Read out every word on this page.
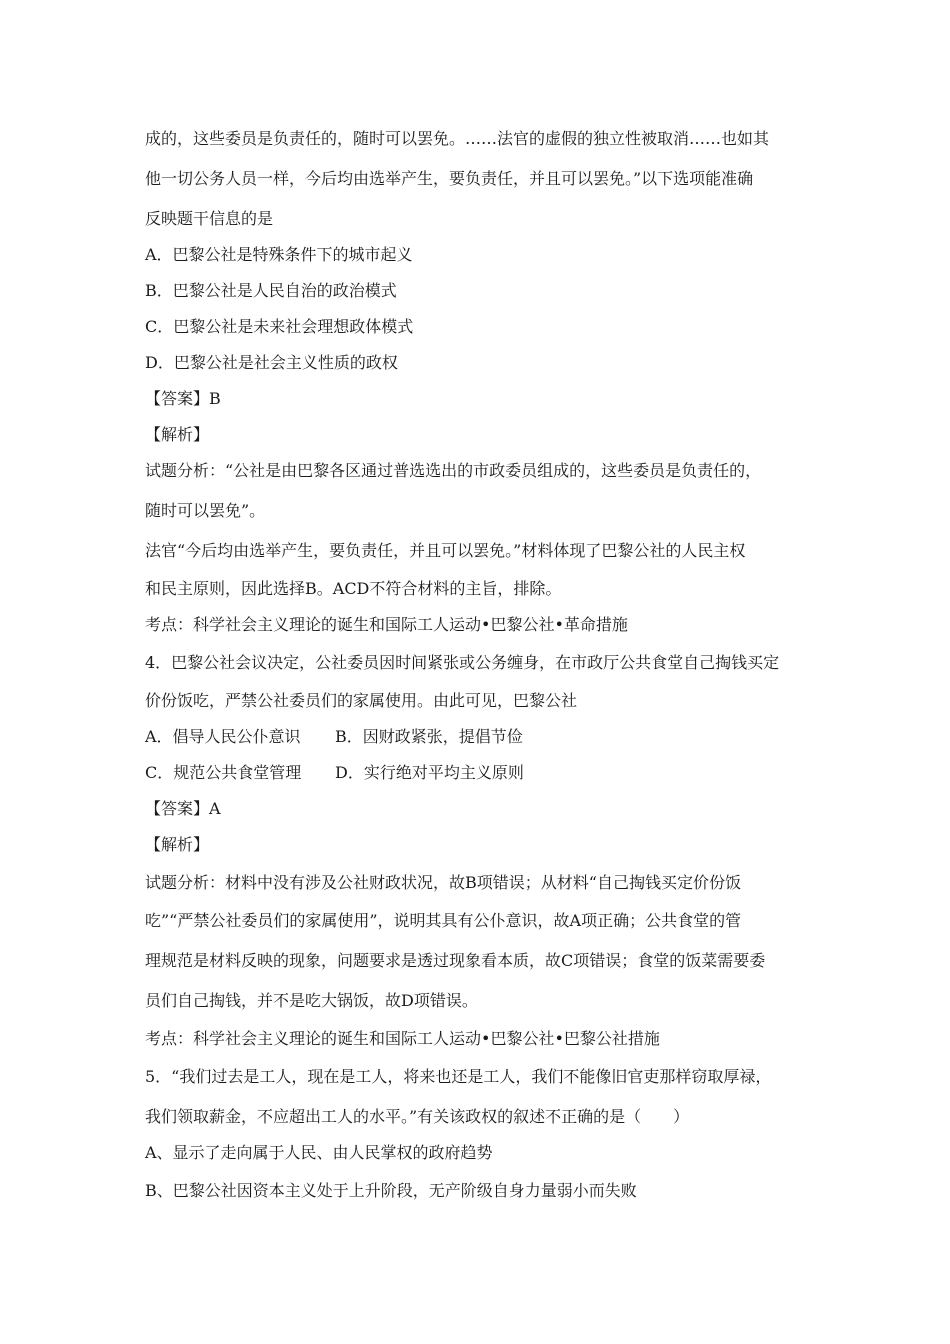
成的，这些委员是负责任的，随时可以罢免。……法官的虚假的独立性被取消……也如其
他一切公务人员一样，今后均由选举产生，要负责任，并且可以罢免。”以下选项能准确
反映题干信息的是
A．巴黎公社是特殊条件下的城市起义
B．巴黎公社是人民自治的政治模式
C．巴黎公社是未来社会理想政体模式
D．巴黎公社是社会主义性质的政权
【答案】B
【解析】
试题分析：“公社是由巴黎各区通过普选选出的市政委员组成的，这些委员是负责任的，
随时可以罢免”。
法官“今后均由选举产生，要负责任，并且可以罢免。”材料体现了巴黎公社的人民主权
和民主原则，因此选择B。ACD不符合材料的主旨，排除。
考点：科学社会主义理论的诞生和国际工人运动•巴黎公社•革命措施
4．巴黎公社会议决定，公社委员因时间紧张或公务缠身，在市政厅公共食堂自己掏钱买定
价份饭吃，严禁公社委员们的家属使用。由此可见，巴黎公社
A．倡导人民公仆意识 B．因财政紧张，提倡节俭
C．规范公共食堂管理 D．实行绝对平均主义原则
【答案】A
【解析】
试题分析：材料中没有涉及公社财政状况，故B项错误；从材料“自己掏钱买定价份饭
吃”“严禁公社委员们的家属使用”，说明其具有公仆意识，故A项正确；公共食堂的管
理规范是材料反映的现象，问题要求是透过现象看本质，故C项错误；食堂的饭菜需要委
员们自己掏钱，并不是吃大锅饭，故D项错误。
考点：科学社会主义理论的诞生和国际工人运动•巴黎公社•巴黎公社措施
5．“我们过去是工人，现在是工人，将来也还是工人，我们不能像旧官吏那样窃取厚禄，
我们领取薪金，不应超出工人的水平。”有关该政权的叙述不正确的是（　　）
A、显示了走向属于人民、由人民掌权的政府趋势
B、巴黎公社因资本主义处于上升阶段，无产阶级自身力量弱小而失败
